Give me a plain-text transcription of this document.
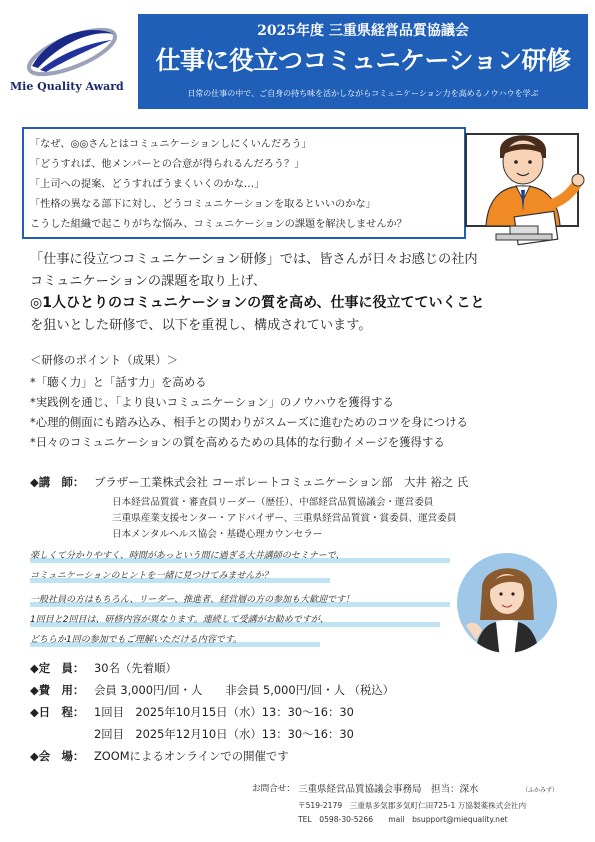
Mie Quality Award
2025年度 三重県経営品質協議会
仕事に役立つコミュニケーション研修
日常の仕事の中で、ご自身の持ち味を活かしながらコミュニケーション力を高めるノウハウを学ぶ
「なぜ、◎◎さんとはコミュニケーションしにくいんだろう」
「どうすれば、他メンバーとの合意が得られるんだろう？」
「上司への提案、どうすればうまくいくのかな…」
「性格の異なる部下に対し、どうコミュニケーションを取るといいのかな」
こうした組織で起こりがちな悩み、コミュニケーションの課題を解決しませんか？
「仕事に役立つコミュニケーション研修」では、皆さんが日々お感じの社内
コミュニケーションの課題を取り上げ、
◎1人ひとりのコミュニケーションの質を高め、仕事に役立てていくこと
を狙いとした研修で、以下を重視し、構成されています。
＜研修のポイント（成果）＞
*「聴く力」と「話す力」を高める
*実践例を通じ、「より良いコミュニケーション」のノウハウを獲得する
*心理的側面にも踏み込み、相手との関わりがスムーズに進むためのコツを身につける
*日々のコミュニケーションの質を高めるための具体的な行動イメージを獲得する
◆講　師： ブラザー工業株式会社 コーポレートコミュニケーション部　大井 裕之 氏
日本経営品質賞・審査員リーダー（歴任）、中部経営品質協議会・運営委員
三重県産業支援センター・アドバイザー、三重県経営品質賞・賞委員、運営委員
日本メンタルヘルス協会・基礎心理カウンセラー
楽しくて分かりやすく、時間があっという間に過ぎる大井講師のセミナーで、
コミュニケーションのヒントを一緒に見つけてみませんか？
一般社員の方はもちろん、リーダー、推進者、経営層の方の参加も大歓迎です！
1回目と2回目は、研修内容が異なります。連続して受講がお勧めですが、
どちらか1回の参加でもご理解いただける内容です。
◆定　員： 30名（先着順）
◆費　用： 会員 3,000円/回・人　　非会員 5,000円/回・人 （税込）
◆日　程： 1回目　2025年10月15日（水）13：30〜16：30
2回目　2025年12月10日（水）13：30〜16：30
◆会　場： ZOOMによるオンラインでの開催です
お問合せ： 三重県経営品質協議会事務局　担当：深水	（ふかみず）
〒519-2179　三重県多気郡多気町仁田725-1 万協製薬株式会社内
TEL　0598-30-5266　　mail　bsupport@miequality.net
